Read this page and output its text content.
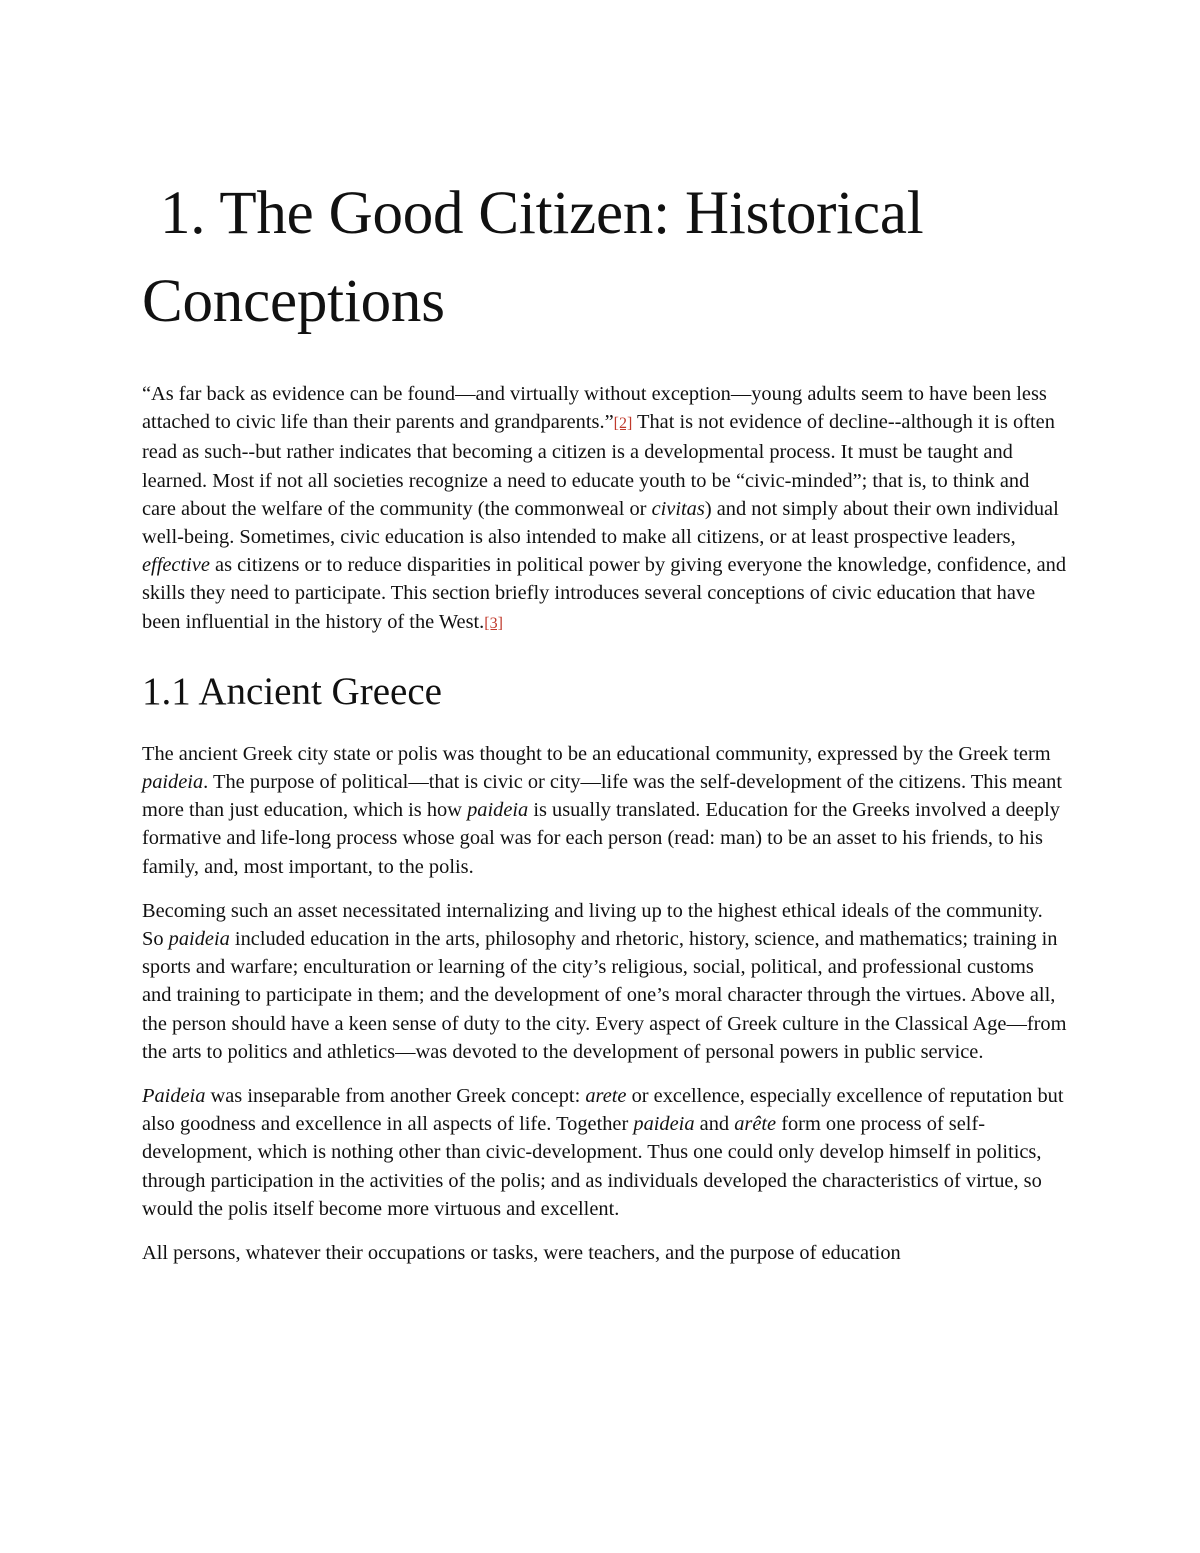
1. The Good Citizen: Historical Conceptions

“As far back as evidence can be found—and virtually without exception—young adults seem to have been less attached to civic life than their parents and grandparents.”[2] That is not evidence of decline--although it is often read as such--but rather indicates that becoming a citizen is a developmental process. It must be taught and learned. Most if not all societies recognize a need to educate youth to be “civic-minded”; that is, to think and care about the welfare of the community (the commonweal or civitas) and not simply about their own individual well-being. Sometimes, civic education is also intended to make all citizens, or at least prospective leaders, effective as citizens or to reduce disparities in political power by giving everyone the knowledge, confidence, and skills they need to participate. This section briefly introduces several conceptions of civic education that have been influential in the history of the West.[3]

1.1 Ancient Greece

The ancient Greek city state or polis was thought to be an educational community, expressed by the Greek term paideia. The purpose of political—that is civic or city—life was the self-development of the citizens. This meant more than just education, which is how paideia is usually translated. Education for the Greeks involved a deeply formative and life-long process whose goal was for each person (read: man) to be an asset to his friends, to his family, and, most important, to the polis.

Becoming such an asset necessitated internalizing and living up to the highest ethical ideals of the community. So paideia included education in the arts, philosophy and rhetoric, history, science, and mathematics; training in sports and warfare; enculturation or learning of the city’s religious, social, political, and professional customs and training to participate in them; and the development of one’s moral character through the virtues. Above all, the person should have a keen sense of duty to the city. Every aspect of Greek culture in the Classical Age—from the arts to politics and athletics—was devoted to the development of personal powers in public service.

Paideia was inseparable from another Greek concept: arete or excellence, especially excellence of reputation but also goodness and excellence in all aspects of life. Together paideia and arête form one process of self-development, which is nothing other than civic-development. Thus one could only develop himself in politics, through participation in the activities of the polis; and as individuals developed the characteristics of virtue, so would the polis itself become more virtuous and excellent.

All persons, whatever their occupations or tasks, were teachers, and the purpose of education
